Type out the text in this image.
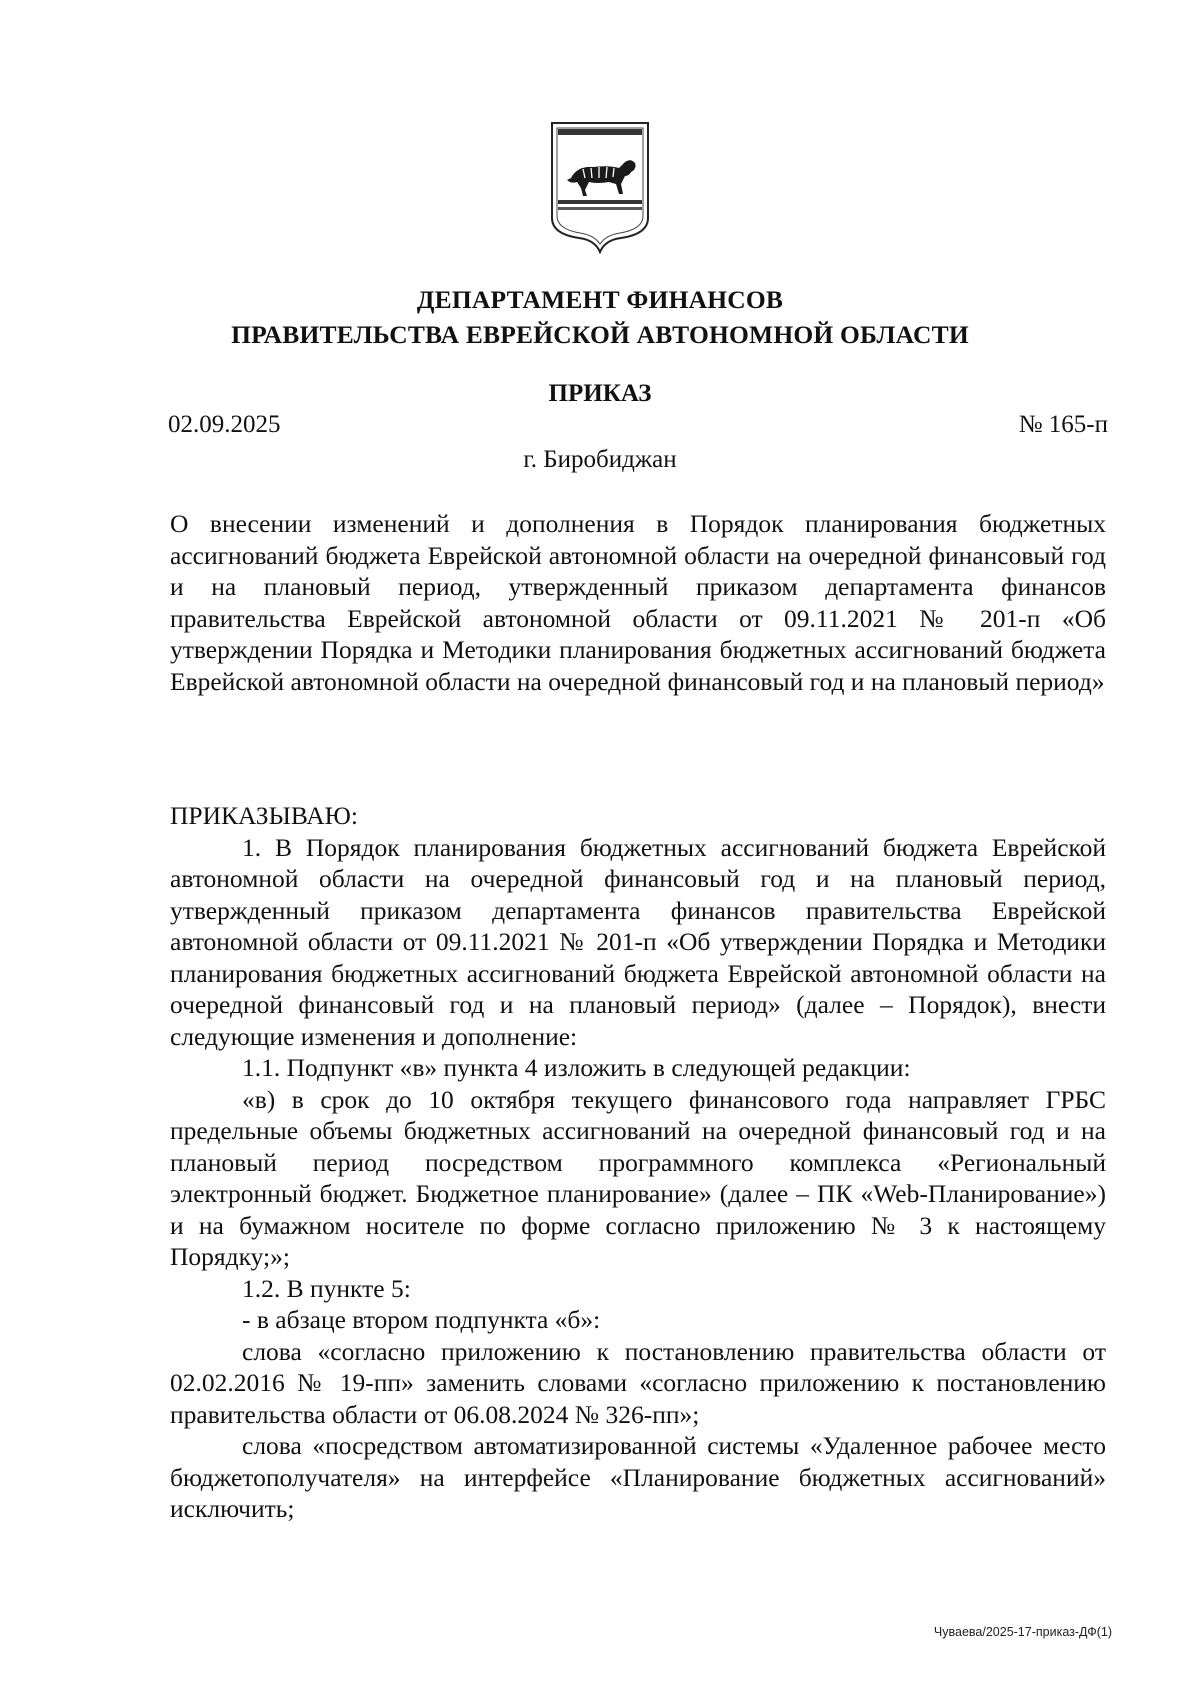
ДЕПАРТАМЕНТ ФИНАНСОВ
ПРАВИТЕЛЬСТВА ЕВРЕЙСКОЙ АВТОНОМНОЙ ОБЛАСТИ
ПРИКАЗ
02.09.2025	№ 165-п
г. Биробиджан

О внесении изменений и дополнения в Порядок планирования бюджетных ассигнований бюджета Еврейской автономной области на очередной финансовый год и на плановый период, утвержденный приказом департамента финансов правительства Еврейской автономной области от 09.11.2021 № 201-п «Об утверждении Порядка и Методики планирования бюджетных ассигнований бюджета Еврейской автономной области на очередной финансовый год и на плановый период»

ПРИКАЗЫВАЮ:

1. В Порядок планирования бюджетных ассигнований бюджета Еврейской автономной области на очередной финансовый год и на плановый период, утвержденный приказом департамента финансов правительства Еврейской автономной области от 09.11.2021 № 201-п «Об утверждении Порядка и Методики планирования бюджетных ассигнований бюджета Еврейской автономной области на очередной финансовый год и на плановый период» (далее – Порядок), внести следующие изменения и дополнение:

1.1. Подпункт «в» пункта 4 изложить в следующей редакции:

«в) в срок до 10 октября текущего финансового года направляет ГРБС предельные объемы бюджетных ассигнований на очередной финансовый год и на плановый период посредством программного комплекса «Региональный электронный бюджет. Бюджетное планирование» (далее – ПК «Web-Планирование») и на бумажном носителе по форме согласно приложению № 3 к настоящему Порядку;»;

1.2. В пункте 5:

- в абзаце втором подпункта «б»:

слова «согласно приложению к постановлению правительства области от 02.02.2016 № 19-пп» заменить словами «согласно приложению к постановлению правительства области от 06.08.2024 № 326-пп»;

слова «посредством автоматизированной системы «Удаленное рабочее место бюджетополучателя» на интерфейсе «Планирование бюджетных ассигнований» исключить;

Чуваева/2025-17-приказ-ДФ(1)
